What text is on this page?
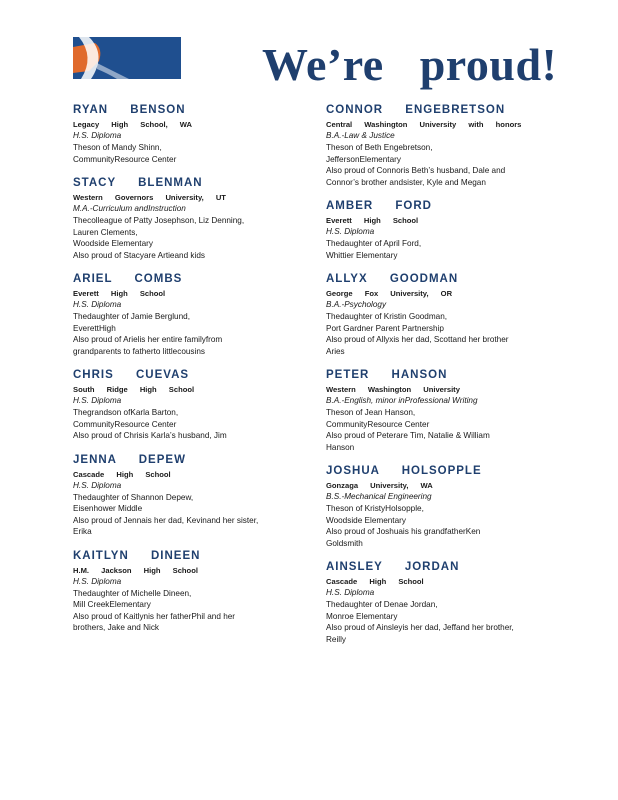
We’re   proud!
RYAN BENSON
Legacy High School, WA
H.S. Diploma
Theson of Mandy Shinn,
CommunityResource Center
STACY BLENMAN
Western Governors University, UT
M.A.-Curriculum andInstruction
Thecolleague of Patty Josephson, Liz Denning,
Lauren Clements,
Woodside Elementary
Also proud of Stacyare Artieand kids
ARIEL COMBS
Everett High School
H.S. Diploma
Thedaughter of Jamie Berglund,
EverettHigh
Also proud of Arielis her entire familyfrom
grandparents to fatherto littlecousins
CHRIS CUEVAS
South Ridge High School
H.S. Diploma
Thegrandson ofKarla Barton,
CommunityResource Center
Also proud of Chrisis Karla’s husband, Jim
JENNA DEPEW
Cascade High School
H.S. Diploma
Thedaughter of Shannon Depew,
Eisenhower Middle
Also proud of Jennais her dad, Kevinand her sister,
Erika
KAITLYN DINEEN
H.M. Jackson High School
H.S. Diploma
Thedaughter of Michelle Dineen,
Mill CreekElementary
Also proud of Kaitlynis her fatherPhil and her
brothers, Jake and Nick
CONNOR ENGEBRETSON
Central Washington University with honors
B.A.-Law & Justice
Theson of Beth Engebretson,
JeffersonElementary
Also proud of Connoris Beth’s husband, Dale and
Connor’s brother andsister, Kyle and Megan
AMBER FORD
Everett High School
H.S. Diploma
Thedaughter of April Ford,
Whittier Elementary
ALLYX GOODMAN
George Fox University, OR
B.A.-Psychology
Thedaughter of Kristin Goodman,
Port Gardner Parent Partnership
Also proud of Allyxis her dad, Scottand her brother
Aries
PETER HANSON
Western Washington University
B.A.-English, minor inProfessional Writing
Theson of Jean Hanson,
CommunityResource Center
Also proud of Peterare Tim, Natalie & William
Hanson
JOSHUA HOLSOPPLE
Gonzaga University, WA
B.S.-Mechanical Engineering
Theson of KristyHolsopple,
Woodside Elementary
Also proud of Joshuais his grandfatherKen
Goldsmith
AINSLEY JORDAN
Cascade High School
H.S. Diploma
Thedaughter of Denae Jordan,
Monroe Elementary
Also proud of Ainsleyis her dad, Jeffand her brother,
Reilly
